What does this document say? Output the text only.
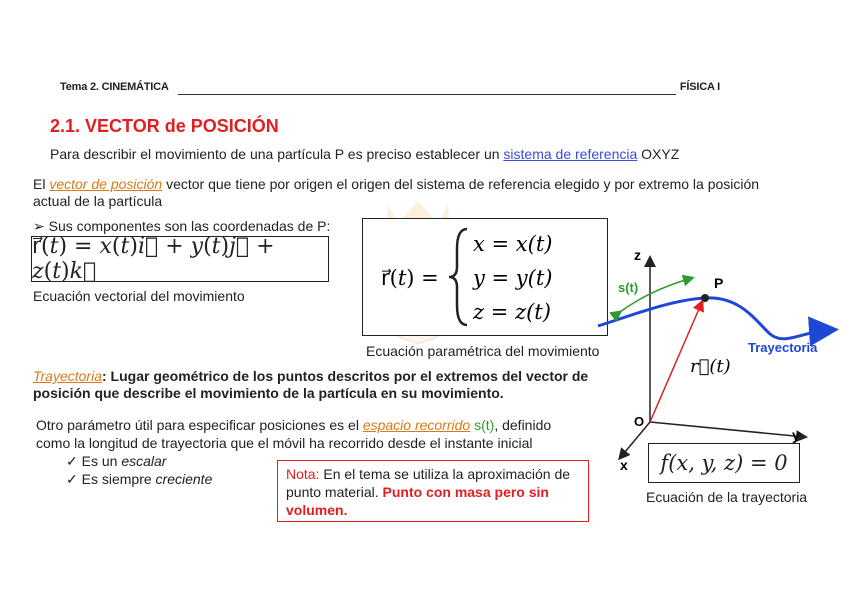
Tema 2. CINEMÁTICA	FÍSICA I
2.1. VECTOR de POSICIÓN
Para describir el movimiento de una partícula P es preciso establecer un sistema de referencia OXYZ
El vector de posición vector que tiene por origen el origen del sistema de referencia elegido y por extremo la posición actual de la partícula
➢ Sus componentes son las coordenadas de P:
r⃗(t) = x(t)i⃗ + y(t)j⃗ + z(t)k⃗
Ecuación vectorial del movimiento
r⃗(t) =
x = x(t)
y = y(t)
z = z(t)
Ecuación paramétrica del movimiento
Trayectoria: Lugar geométrico de los puntos descritos por el extremos del vector de posición que describe el movimiento de la partícula en su movimiento.
Otro parámetro útil para especificar posiciones es el espacio recorrido s(t), definido como la longitud de trayectoria que el móvil ha recorrido desde el instante inicial
✓ Es un escalar
✓ Es siempre creciente	Nota: En el tema se utiliza la aproximación de punto material. Punto con masa pero sin volumen.
z
y
x
O
P
s(t)
r⃗(t)
Trayectoria
f(x, y, z) = 0
Ecuación de la trayectoria
